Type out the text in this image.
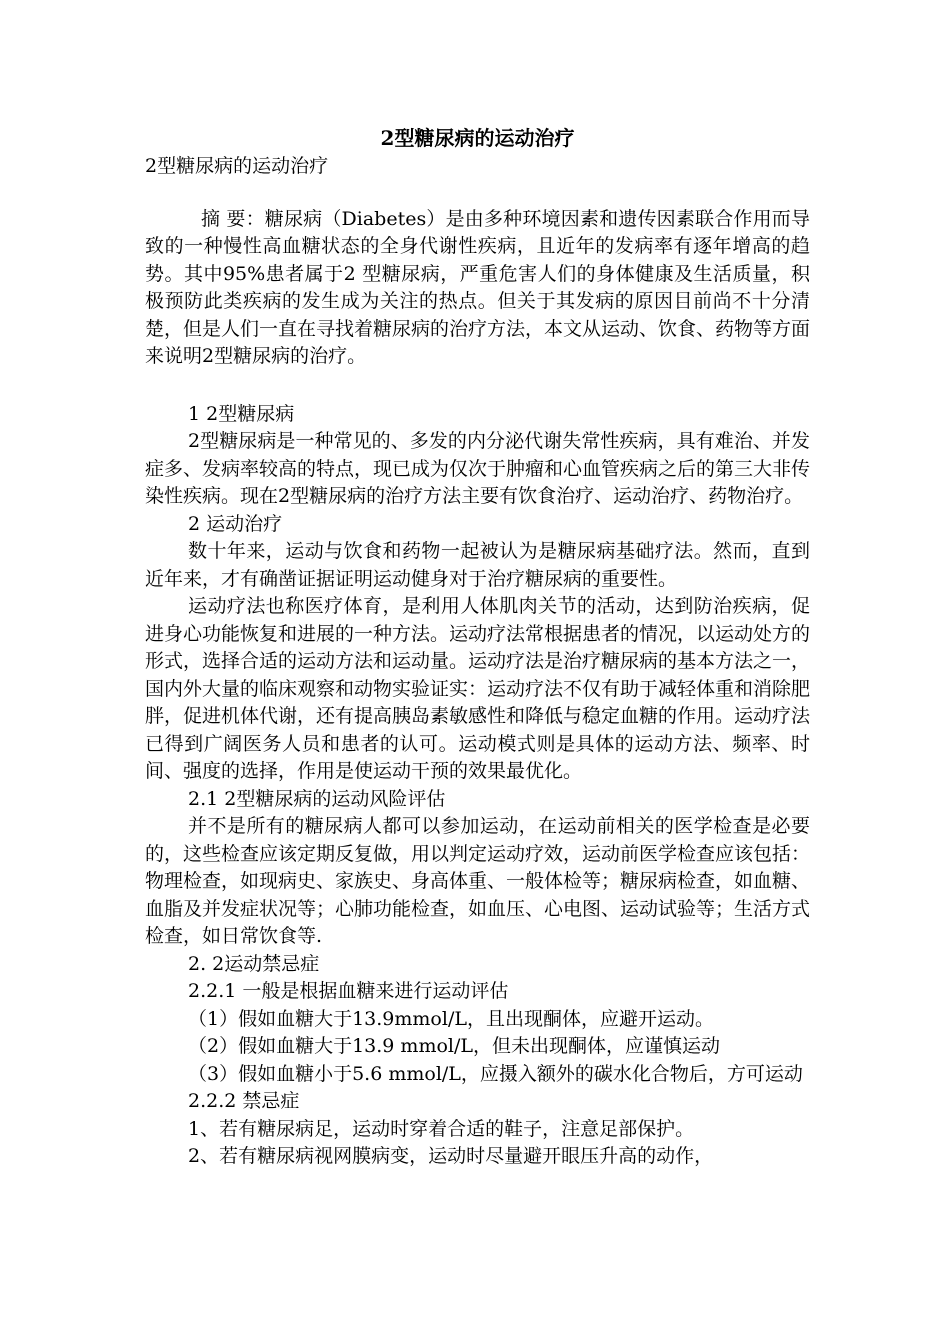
2型糖尿病的运动治疗

2型糖尿病的运动治疗

摘 要：糖尿病（Diabetes）是由多种环境因素和遗传因素联合作用而导致的一种慢性高血糖状态的全身代谢性疾病，且近年的发病率有逐年增高的趋势。其中95%患者属于2 型糖尿病，严重危害人们的身体健康及生活质量，积极预防此类疾病的发生成为关注的热点。但关于其发病的原因目前尚不十分清楚，但是人们一直在寻找着糖尿病的治疗方法，本文从运动、饮食、药物等方面来说明2型糖尿病的治疗。

1 2型糖尿病

2型糖尿病是一种常见的、多发的内分泌代谢失常性疾病，具有难治、并发症多、发病率较高的特点，现已成为仅次于肿瘤和心血管疾病之后的第三大非传染性疾病。现在2型糖尿病的治疗方法主要有饮食治疗、运动治疗、药物治疗。

2 运动治疗

数十年来，运动与饮食和药物一起被认为是糖尿病基础疗法。然而，直到近年来，才有确凿证据证明运动健身对于治疗糖尿病的重要性。

运动疗法也称医疗体育，是利用人体肌肉关节的活动，达到防治疾病，促进身心功能恢复和进展的一种方法。运动疗法常根据患者的情况，以运动处方的形式，选择合适的运动方法和运动量。运动疗法是治疗糖尿病的基本方法之一，国内外大量的临床观察和动物实验证实：运动疗法不仅有助于减轻体重和消除肥胖，促进机体代谢，还有提高胰岛素敏感性和降低与稳定血糖的作用。运动疗法已得到广阔医务人员和患者的认可。运动模式则是具体的运动方法、频率、时间、强度的选择，作用是使运动干预的效果最优化。

2.1 2型糖尿病的运动风险评估

并不是所有的糖尿病人都可以参加运动，在运动前相关的医学检查是必要的，这些检查应该定期反复做，用以判定运动疗效，运动前医学检查应该包括：物理检查，如现病史、家族史、身高体重、一般体检等；糖尿病检查，如血糖、血脂及并发症状况等；心肺功能检查，如血压、心电图、运动试验等；生活方式检查，如日常饮食等.

2. 2运动禁忌症

2.2.1 一般是根据血糖来进行运动评估

（1）假如血糖大于13.9mmol/L，且出现酮体，应避开运动。

（2）假如血糖大于13.9 mmol/L，但未出现酮体，应谨慎运动

（3）假如血糖小于5.6 mmol/L，应摄入额外的碳水化合物后，方可运动

2.2.2 禁忌症

1、若有糖尿病足，运动时穿着合适的鞋子，注意足部保护。

2、若有糖尿病视网膜病变，运动时尽量避开眼压升高的动作，
